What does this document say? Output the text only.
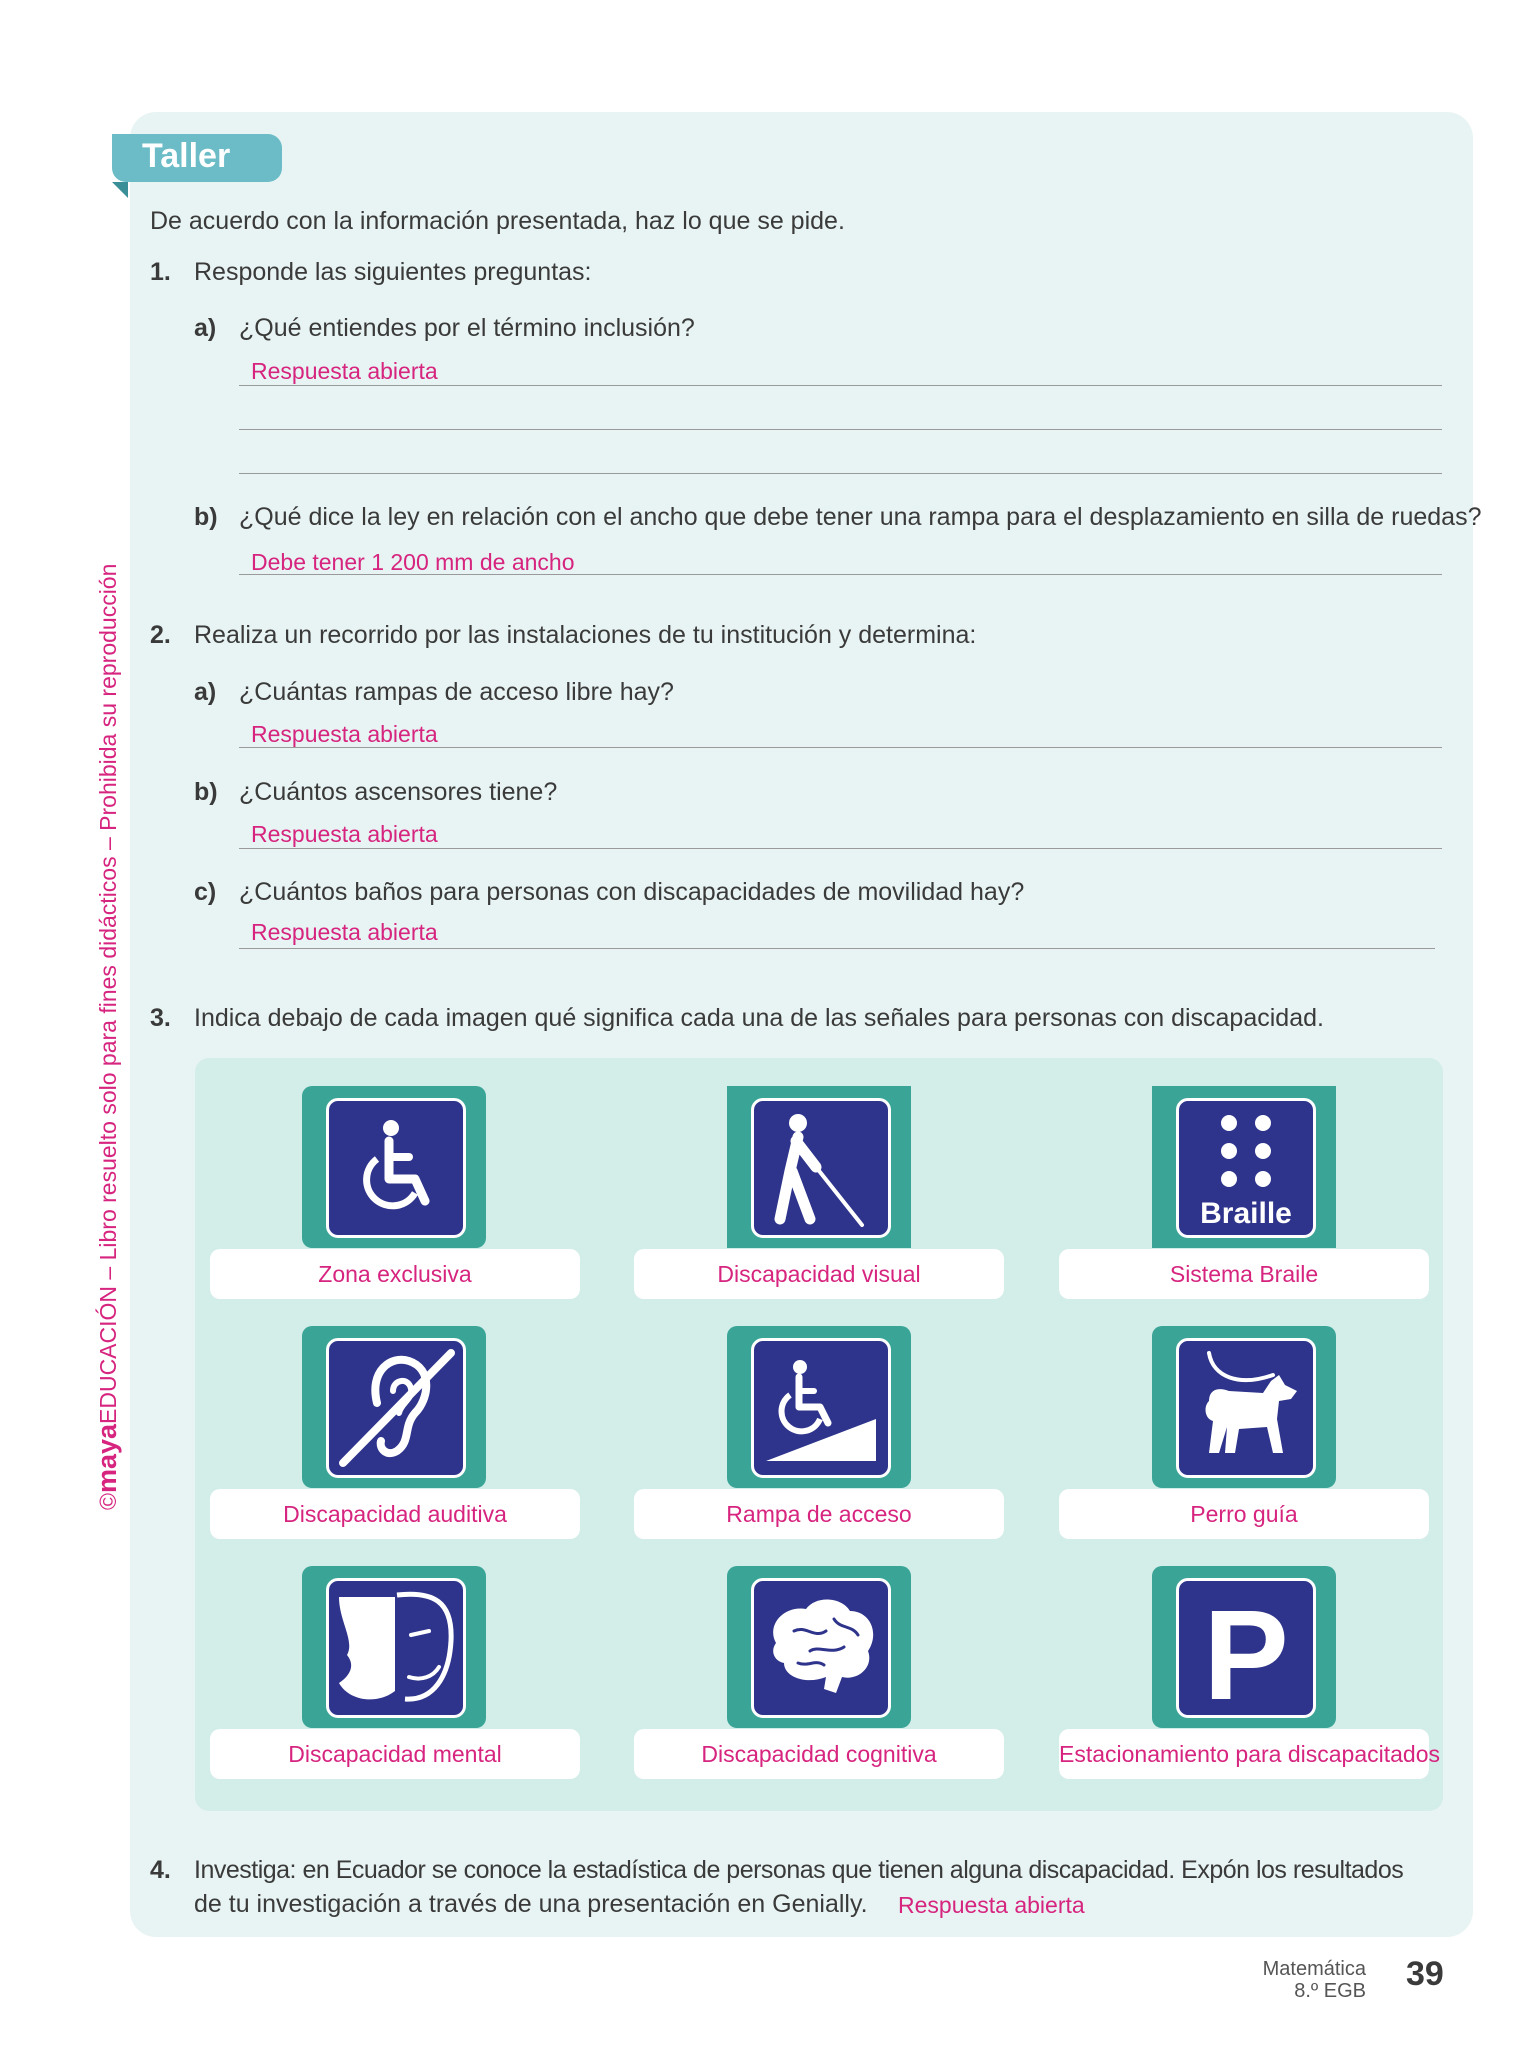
©mayaEDUCACIÓN – Libro resuelto solo para fines didácticos – Prohibida su reproducción
Taller
De acuerdo con la información presentada, haz lo que se pide.
1. Responde las siguientes preguntas:
a) ¿Qué entiendes por el término inclusión?
Respuesta abierta
b) ¿Qué dice la ley en relación con el ancho que debe tener una rampa para el desplazamiento en silla de ruedas?
Debe tener 1 200 mm de ancho
2. Realiza un recorrido por las instalaciones de tu institución y determina:
a) ¿Cuántas rampas de acceso libre hay?
Respuesta abierta
b) ¿Cuántos ascensores tiene?
Respuesta abierta
c) ¿Cuántos baños para personas con discapacidades de movilidad hay?
Respuesta abierta
3. Indica debajo de cada imagen qué significa cada una de las señales para personas con discapacidad.
Braille
Zona exclusiva	Discapacidad visual	Sistema Braile
Discapacidad auditiva	Rampa de acceso	Perro guía
P
Discapacidad mental	Discapacidad cognitiva	Estacionamiento para discapacitados
4. Investiga: en Ecuador se conoce la estadística de personas que tienen alguna discapacidad. Expón los resultados
de tu investigación a través de una presentación en Genially. Respuesta abierta
Matemática
8.º EGB 39
